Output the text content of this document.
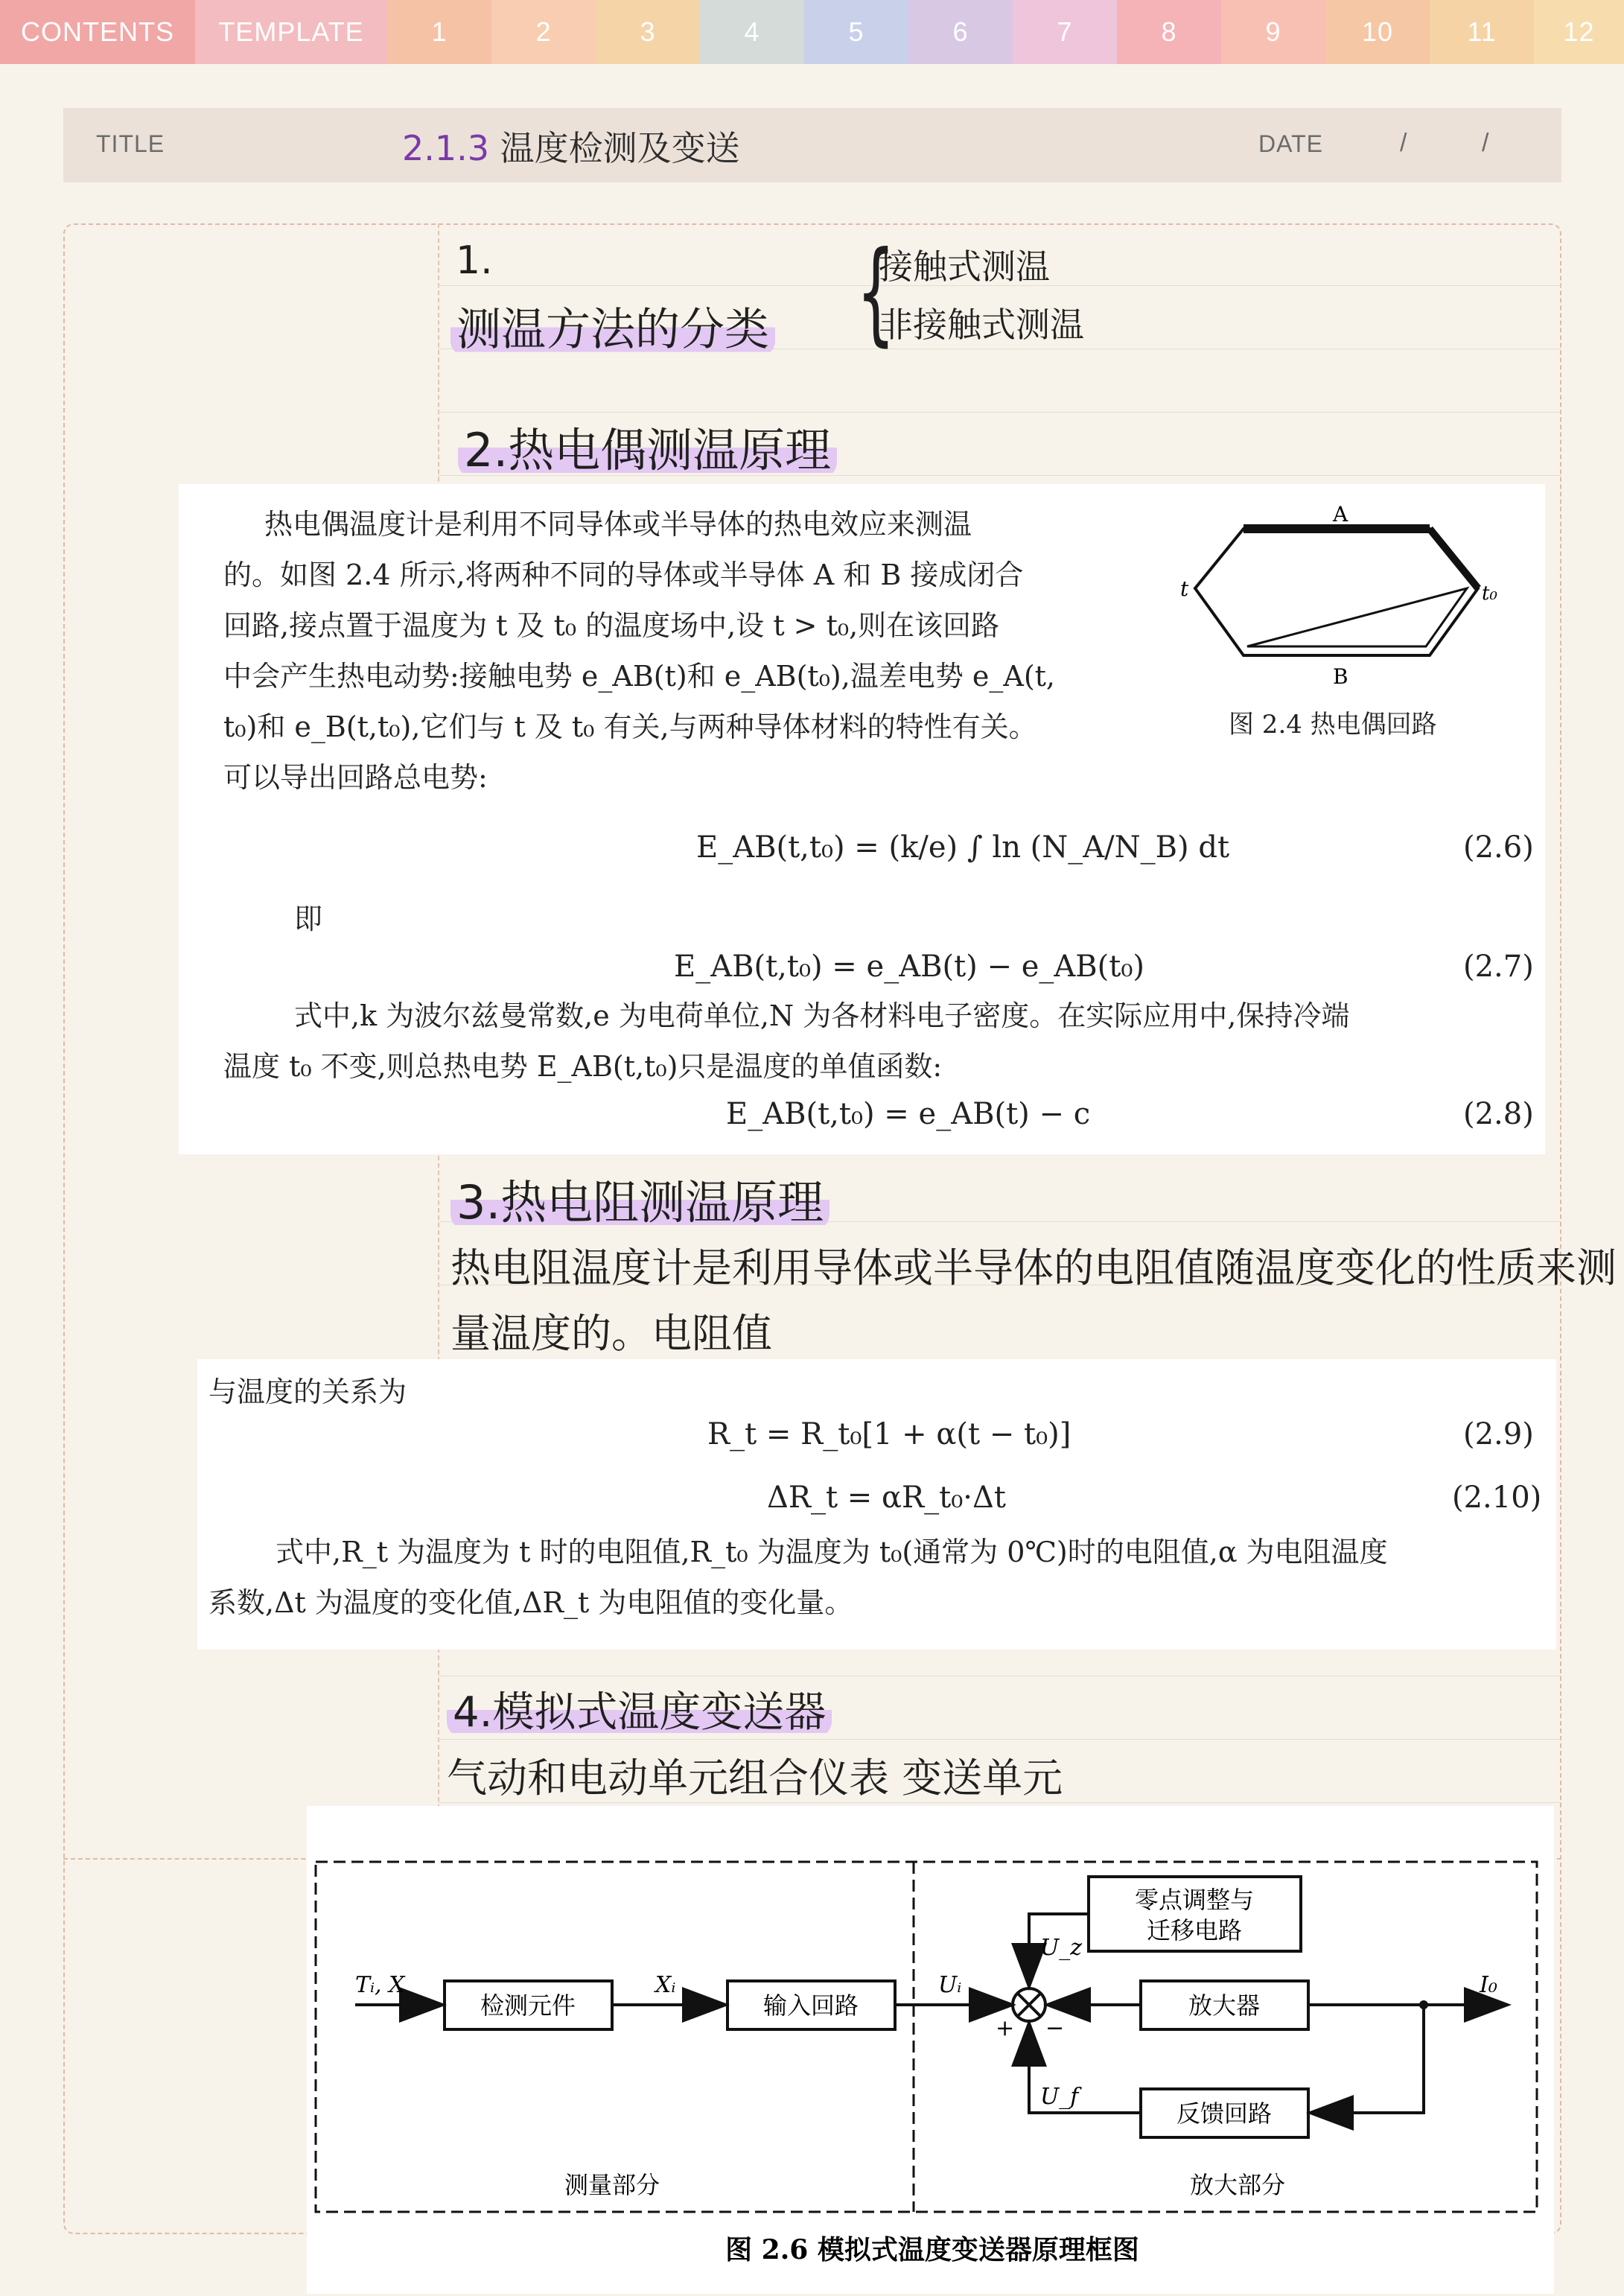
CONTENTS	TEMPLATE	1	2	3	4	5	6	7	8	9	10	11	12
TITLE	2.1.3 温度检测及变送	DATE	/	/
1.
测温方法的分类 {
接触式测温
非接触式测温
2.热电偶测温原理
热电偶温度计是利用不同导体或半导体的热电效应来测温
的。如图 2.4 所示,将两种不同的导体或半导体 A 和 B 接成闭合
回路,接点置于温度为 t 及 t₀ 的温度场中,设 t > t₀,则在该回路
中会产生热电动势:接触电势 e_AB(t)和 e_AB(t₀),温差电势 e_A(t,
t₀)和 e_B(t,t₀),它们与 t 及 t₀ 有关,与两种导体材料的特性有关。
可以导出回路总电势:
A
B
t	t₀
图 2.4 热电偶回路
E_AB(t,t₀) = (k/e) ∫ ln (N_A/N_B) dt	(2.6)
即
E_AB(t,t₀) = e_AB(t) − e_AB(t₀)	(2.7)
式中,k 为波尔兹曼常数,e 为电荷单位,N 为各材料电子密度。在实际应用中,保持冷端
温度 t₀ 不变,则总热电势 E_AB(t,t₀)只是温度的单值函数:
E_AB(t,t₀) = e_AB(t) − c	(2.8)
3.热电阻测温原理
热电阻温度计是利用导体或半导体的电阻值随温度变化的性质来测
量温度的。电阻值
与温度的关系为
R_t = R_t₀[1 + α(t − t₀)]	(2.9)
ΔR_t = αR_t₀·Δt	(2.10)
式中,R_t 为温度为 t 时的电阻值,R_t₀ 为温度为 t₀(通常为 0℃)时的电阻值,α 为电阻温度
系数,Δt 为温度的变化值,ΔR_t 为电阻值的变化量。
4.模拟式温度变送器
气动和电动单元组合仪表 变送单元
Tᵢ, X
检测元件
Xᵢ
输入回路
Uᵢ
+ −
零点调整与
迁移电路
U_z
放大器
I₀
反馈回路
U_f
测量部分	放大部分
图 2.6 模拟式温度变送器原理框图
